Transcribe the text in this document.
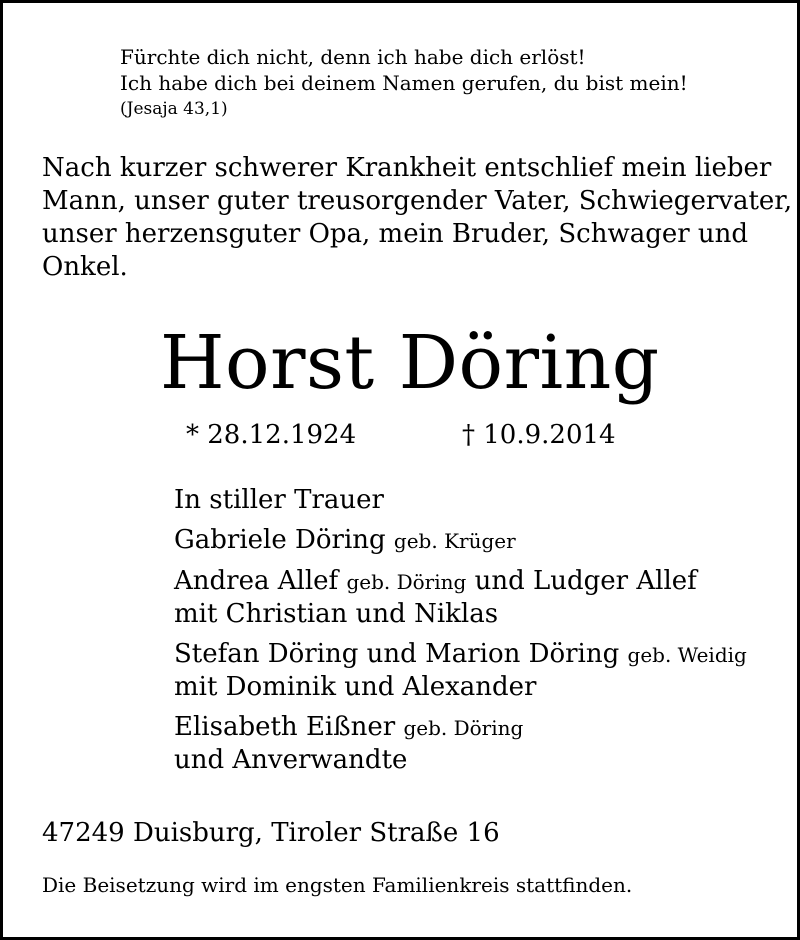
Fürchte dich nicht, denn ich habe dich erlöst!
Ich habe dich bei deinem Namen gerufen, du bist mein!
(Jesaja 43,1)
Nach kurzer schwerer Krankheit entschlief mein lieber
Mann, unser guter treusorgender Vater, Schwiegervater,
unser herzensguter Opa, mein Bruder, Schwager und
Onkel.
Horst Döring
* 28.12.1924	† 10.9.2014
In stiller Trauer
Gabriele Döring geb. Krüger
Andrea Allef geb. Döring und Ludger Allef
mit Christian und Niklas
Stefan Döring und Marion Döring geb. Weidig
mit Dominik und Alexander
Elisabeth Eißner geb. Döring
und Anverwandte
47249 Duisburg, Tiroler Straße 16
Die Beisetzung wird im engsten Familienkreis stattfinden.
